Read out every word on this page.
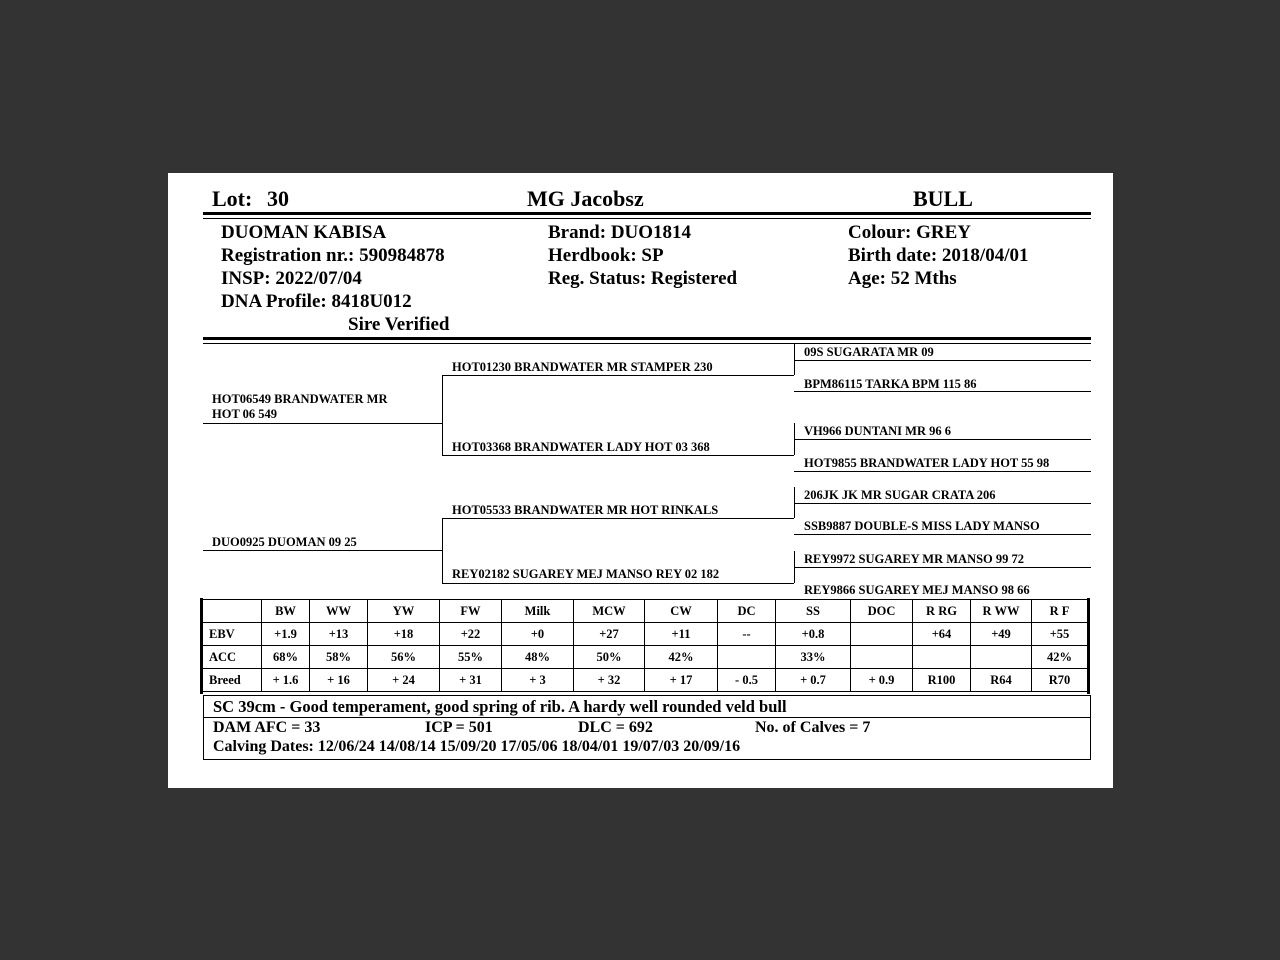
Lot: 30	MG Jacobsz	BULL
DUOMAN KABISA
Registration nr.: 590984878
INSP: 2022/07/04
DNA Profile: 8418U012
Sire Verified
Brand: DUO1814
Herdbook: SP
Reg. Status: Registered
Colour: GREY
Birth date: 2018/04/01
Age: 52 Mths
HOT06549 BRANDWATER MR
HOT 06 549
DUO0925 DUOMAN 09 25
HOT01230 BRANDWATER MR STAMPER 230
HOT03368 BRANDWATER LADY HOT 03 368
HOT05533 BRANDWATER MR HOT RINKALS
REY02182 SUGAREY MEJ MANSO REY 02 182
09S SUGARATA MR 09
BPM86115 TARKA BPM 115 86
VH966 DUNTANI MR 96 6
HOT9855 BRANDWATER LADY HOT 55 98
206JK JK MR SUGAR CRATA 206
SSB9887 DOUBLE-S MISS LADY MANSO
REY9972 SUGAREY MR MANSO 99 72
REY9866 SUGAREY MEJ MANSO 98 66
	BW	WW	YW	FW	Milk	MCW	CW	DC	SS	DOC	R RG	R WW	R F
EBV	+1.9	+13	+18	+22	+0	+27	+11	--	+0.8		+64	+49	+55
ACC	68%	58%	56%	55%	48%	50%	42%		33%				42%
Breed	+ 1.6	+ 16	+ 24	+ 31	+ 3	+ 32	+ 17	- 0.5	+ 0.7	+ 0.9	R100	R64	R70
SC 39cm - Good temperament, good spring of rib. A hardy well rounded veld bull
DAM AFC = 33	ICP = 501	DLC = 692	No. of Calves = 7
Calving Dates: 12/06/24 14/08/14 15/09/20 17/05/06 18/04/01 19/07/03 20/09/16
